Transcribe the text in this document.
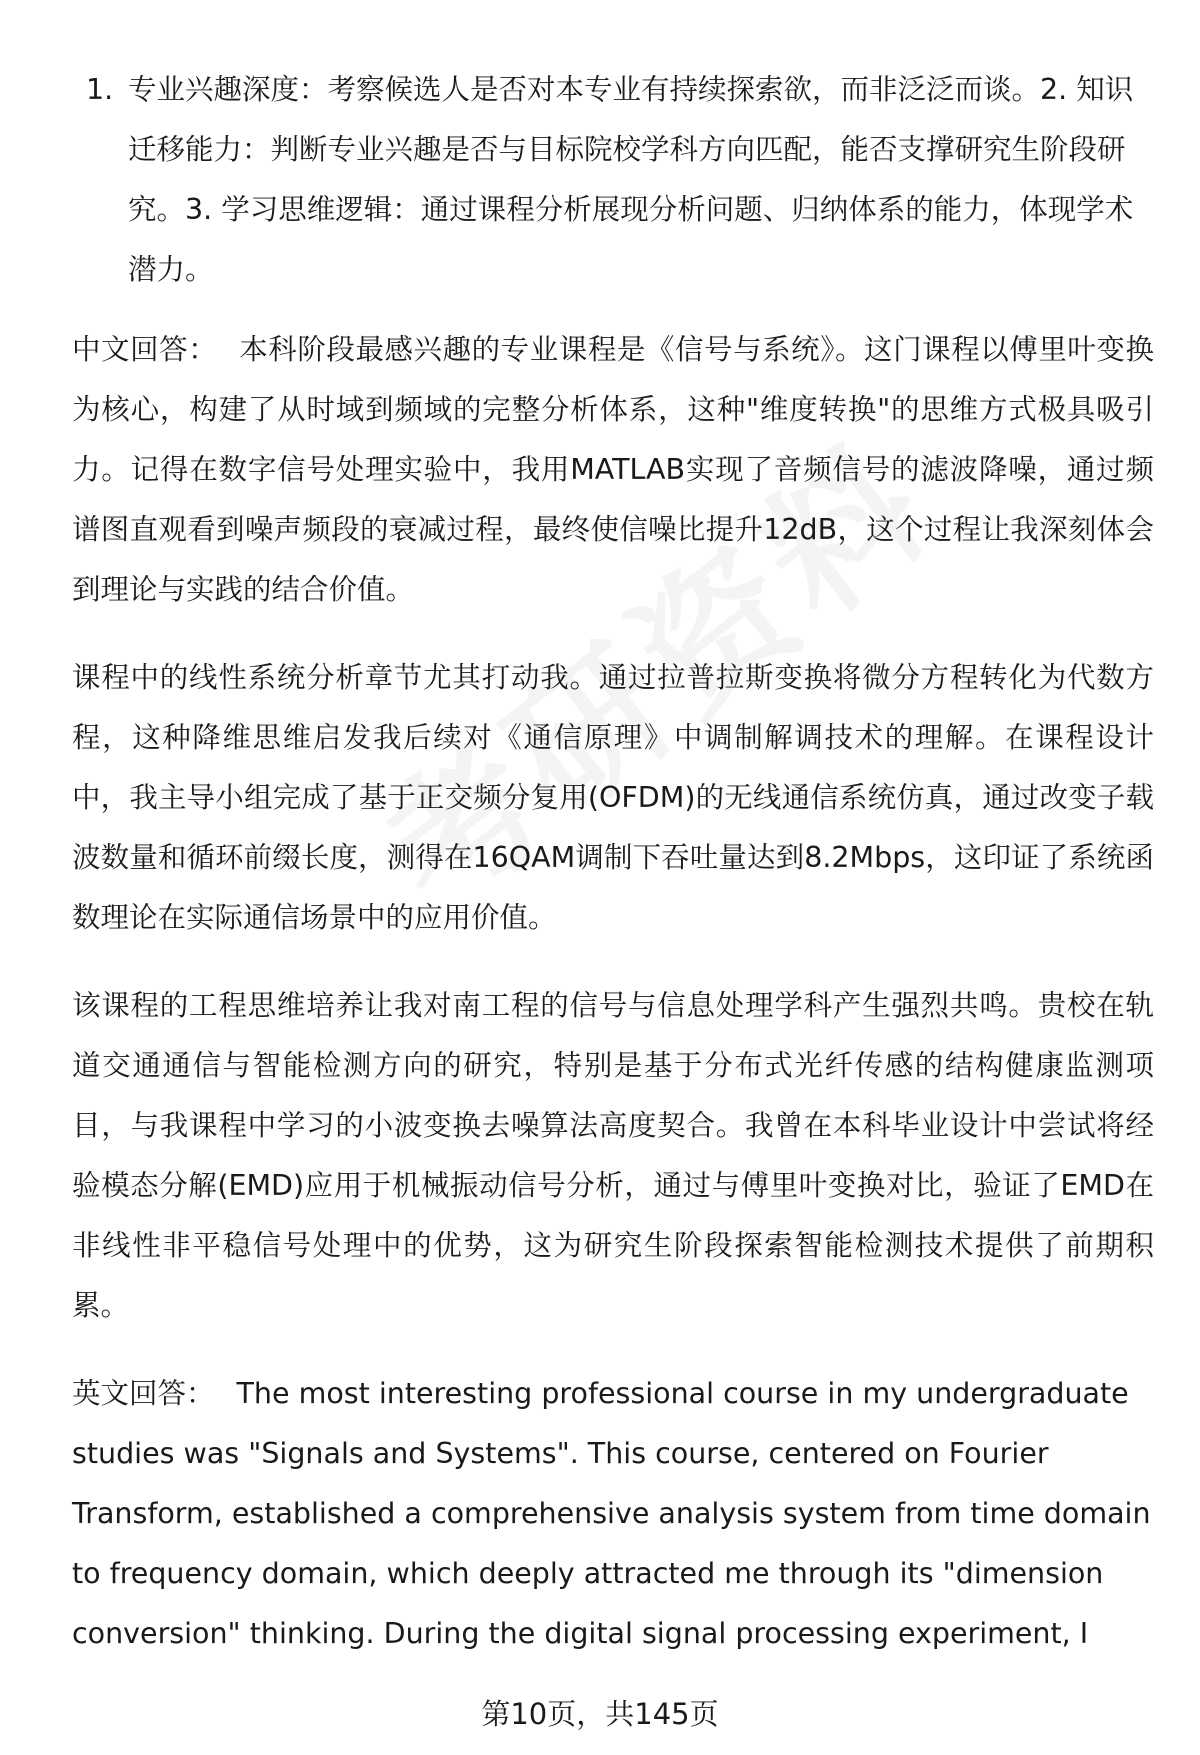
1. 专业兴趣深度：考察候选人是否对本专业有持续探索欲，而非泛泛而谈。2. 知识迁移能力：判断专业兴趣是否与目标院校学科方向匹配，能否支撑研究生阶段研究。3. 学习思维逻辑：通过课程分析展现分析问题、归纳体系的能力，体现学术潜力。

中文回答： 本科阶段最感兴趣的专业课程是《信号与系统》。这门课程以傅里叶变换为核心，构建了从时域到频域的完整分析体系，这种"维度转换"的思维方式极具吸引力。记得在数字信号处理实验中，我用MATLAB实现了音频信号的滤波降噪，通过频谱图直观看到噪声频段的衰减过程，最终使信噪比提升12dB，这个过程让我深刻体会到理论与实践的结合价值。

课程中的线性系统分析章节尤其打动我。通过拉普拉斯变换将微分方程转化为代数方程，这种降维思维启发我后续对《通信原理》中调制解调技术的理解。在课程设计中，我主导小组完成了基于正交频分复用(OFDM)的无线通信系统仿真，通过改变子载波数量和循环前缀长度，测得在16QAM调制下吞吐量达到8.2Mbps，这印证了系统函数理论在实际通信场景中的应用价值。

该课程的工程思维培养让我对南工程的信号与信息处理学科产生强烈共鸣。贵校在轨道交通通信与智能检测方向的研究，特别是基于分布式光纤传感的结构健康监测项目，与我课程中学习的小波变换去噪算法高度契合。我曾在本科毕业设计中尝试将经验模态分解(EMD)应用于机械振动信号分析，通过与傅里叶变换对比，验证了EMD在非线性非平稳信号处理中的优势，这为研究生阶段探索智能检测技术提供了前期积累。

英文回答： The most interesting professional course in my undergraduate studies was "Signals and Systems". This course, centered on Fourier Transform, established a comprehensive analysis system from time domain to frequency domain, which deeply attracted me through its "dimension conversion" thinking. During the digital signal processing experiment, I

第10页，共145页
